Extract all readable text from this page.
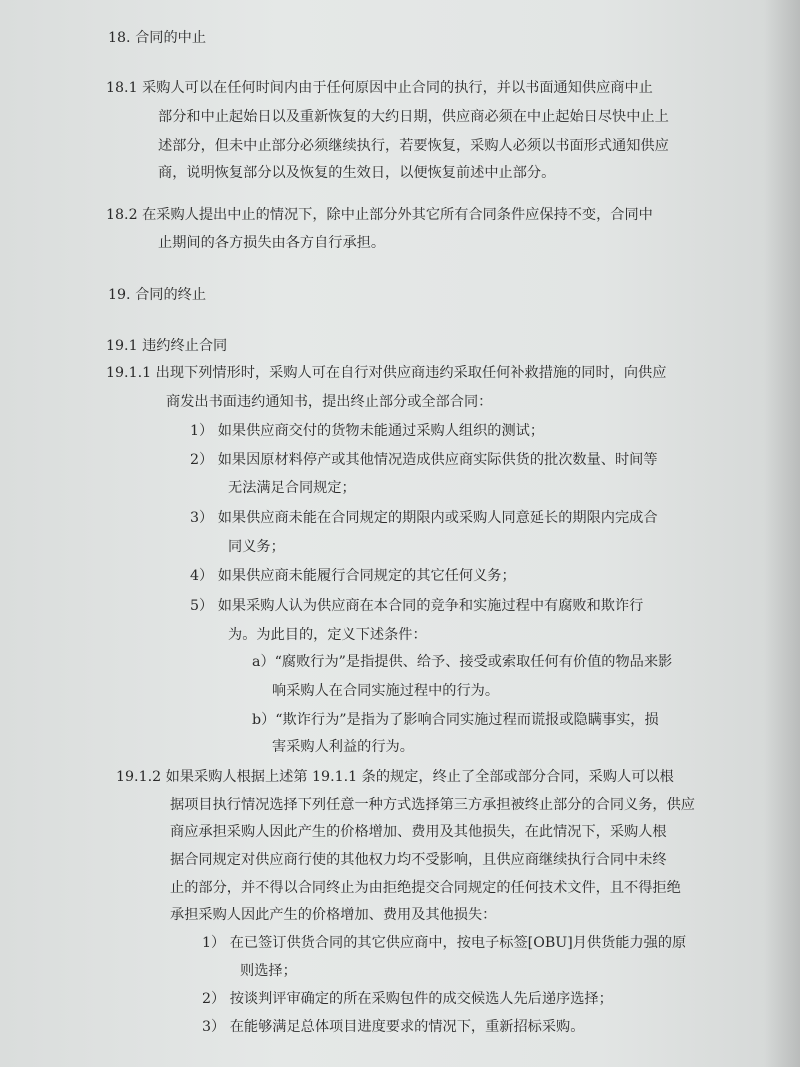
18. 合同的中止
18.1 采购人可以在任何时间内由于任何原因中止合同的执行，并以书面通知供应商中止
部分和中止起始日以及重新恢复的大约日期，供应商必须在中止起始日尽快中止上
述部分，但未中止部分必须继续执行，若要恢复，采购人必须以书面形式通知供应
商，说明恢复部分以及恢复的生效日，以便恢复前述中止部分。
18.2 在采购人提出中止的情况下，除中止部分外其它所有合同条件应保持不变，合同中
止期间的各方损失由各方自行承担。
19. 合同的终止
19.1 违约终止合同
19.1.1 出现下列情形时，采购人可在自行对供应商违约采取任何补救措施的同时，向供应
商发出书面违约通知书，提出终止部分或全部合同：
1） 如果供应商交付的货物未能通过采购人组织的测试；
2） 如果因原材料停产或其他情况造成供应商实际供货的批次数量、时间等
无法满足合同规定；
3） 如果供应商未能在合同规定的期限内或采购人同意延长的期限内完成合
同义务；
4） 如果供应商未能履行合同规定的其它任何义务；
5） 如果采购人认为供应商在本合同的竞争和实施过程中有腐败和欺诈行
为。为此目的，定义下述条件：
a）“腐败行为”是指提供、给予、接受或索取任何有价值的物品来影
响采购人在合同实施过程中的行为。
b）“欺诈行为”是指为了影响合同实施过程而谎报或隐瞒事实，损
害采购人利益的行为。
19.1.2 如果采购人根据上述第 19.1.1 条的规定，终止了全部或部分合同，采购人可以根
据项目执行情况选择下列任意一种方式选择第三方承担被终止部分的合同义务，供应
商应承担采购人因此产生的价格增加、费用及其他损失，在此情况下，采购人根
据合同规定对供应商行使的其他权力均不受影响，且供应商继续执行合同中未终
止的部分，并不得以合同终止为由拒绝提交合同规定的任何技术文件，且不得拒绝
承担采购人因此产生的价格增加、费用及其他损失：
1） 在已签订供货合同的其它供应商中，按电子标签[OBU]月供货能力强的原
则选择；
2） 按谈判评审确定的所在采购包件的成交候选人先后递序选择；
3） 在能够满足总体项目进度要求的情况下，重新招标采购。
